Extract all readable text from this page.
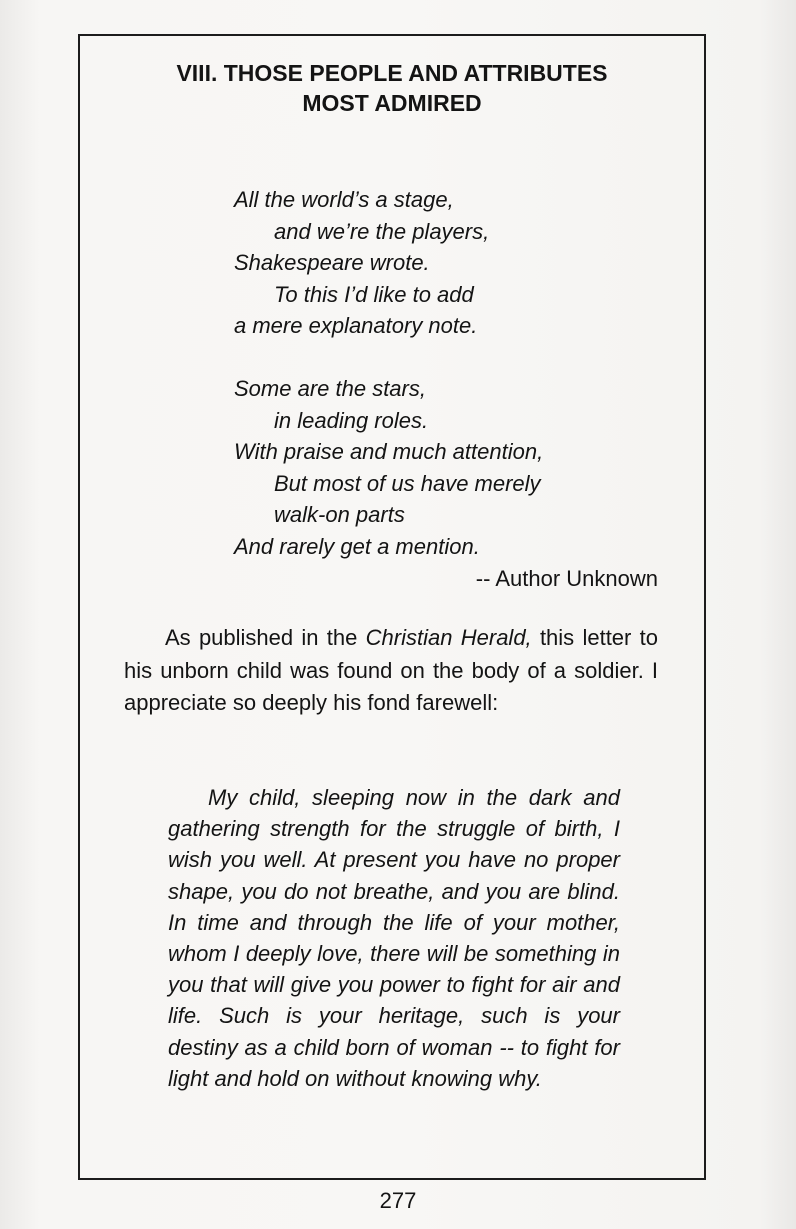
VIII. THOSE PEOPLE AND ATTRIBUTES
MOST ADMIRED

All the world’s a stage,
and we’re the players,
Shakespeare wrote.
To this I’d like to add
a mere explanatory note.

Some are the stars,
in leading roles.
With praise and much attention,
But most of us have merely
walk-on parts
And rarely get a mention.

-- Author Unknown

As published in the Christian Herald, this letter to his unborn child was found on the body of a soldier. I appreciate so deeply his fond farewell:

My child, sleeping now in the dark and gathering strength for the struggle of birth, I wish you well. At present you have no proper shape, you do not breathe, and you are blind. In time and through the life of your mother, whom I deeply love, there will be something in you that will give you power to fight for air and life. Such is your heritage, such is your destiny as a child born of woman -- to fight for light and hold on without knowing why.

277
